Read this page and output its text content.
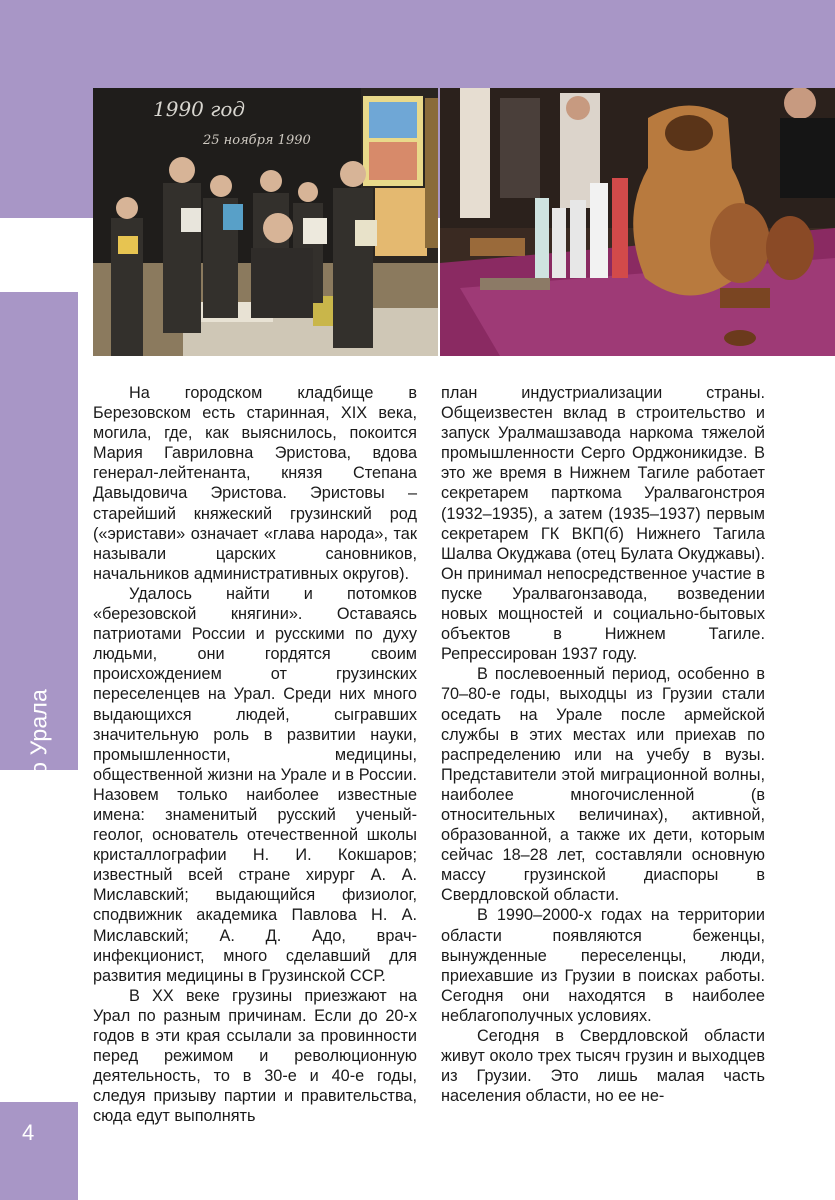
Народы Среднего Урала
4
1990 год
25 ноября 1990

На городском кладбище в Березовском есть старинная, XIX века, могила, где, как выяснилось, покоится Мария Гавриловна Эристова, вдова генерал-лейтенанта, князя Степана Давыдовича Эристова. Эристовы – старейший княжеский грузинский род («эристави» означает «глава народа», так называли царских сановников, начальников административных округов).

Удалось найти и потомков «березовской княгини». Оставаясь патриотами России и русскими по духу людьми, они гордятся своим происхождением от грузинских переселенцев на Урал. Среди них много выдающихся людей, сыгравших значительную роль в развитии науки, промышленности, медицины, общественной жизни на Урале и в России. Назовем только наиболее известные имена: знаменитый русский ученый-геолог, основатель отечественной школы кристаллографии Н. И. Кокшаров; известный всей стране хирург А. А. Миславский; выдающийся физиолог, сподвижник академика Павлова Н. А. Миславский; А. Д. Адо, врач-инфекционист, много сделавший для развития медицины в Грузинской ССР.

В XX веке грузины приезжают на Урал по разным причинам. Если до 20-х годов в эти края ссылали за провинности перед режимом и революционную деятельность, то в 30-е и 40-е годы, следуя призыву партии и правительства, сюда едут выполнять

план индустриализации страны. Общеизвестен вклад в строительство и запуск Уралмашзавода наркома тяжелой промышленности Серго Орджоникидзе. В это же время в Нижнем Тагиле работает секретарем парткома Уралвагонстроя (1932–1935), а затем (1935–1937) первым секретарем ГК ВКП(б) Нижнего Тагила Шалва Окуджава (отец Булата Окуджавы). Он принимал непосредственное участие в пуске Уралвагонзавода, возведении новых мощностей и социально-бытовых объектов в Нижнем Тагиле. Репрессирован 1937 году.

В послевоенный период, особенно в 70–80-е годы, выходцы из Грузии стали оседать на Урале после армейской службы в этих местах или приехав по распределению или на учебу в вузы. Представители этой миграционной волны, наиболее многочисленной (в относительных величинах), активной, образованной, а также их дети, которым сейчас 18–28 лет, составляли основную массу грузинской диаспоры в Свердловской области.

В 1990–2000-х годах на территории области появляются беженцы, вынужденные переселенцы, люди, приехавшие из Грузии в поисках работы. Сегодня они находятся в наиболее неблагополучных условиях.

Сегодня в Свердловской области живут около трех тысяч грузин и выходцев из Грузии. Это лишь малая часть населения области, но ее не-
